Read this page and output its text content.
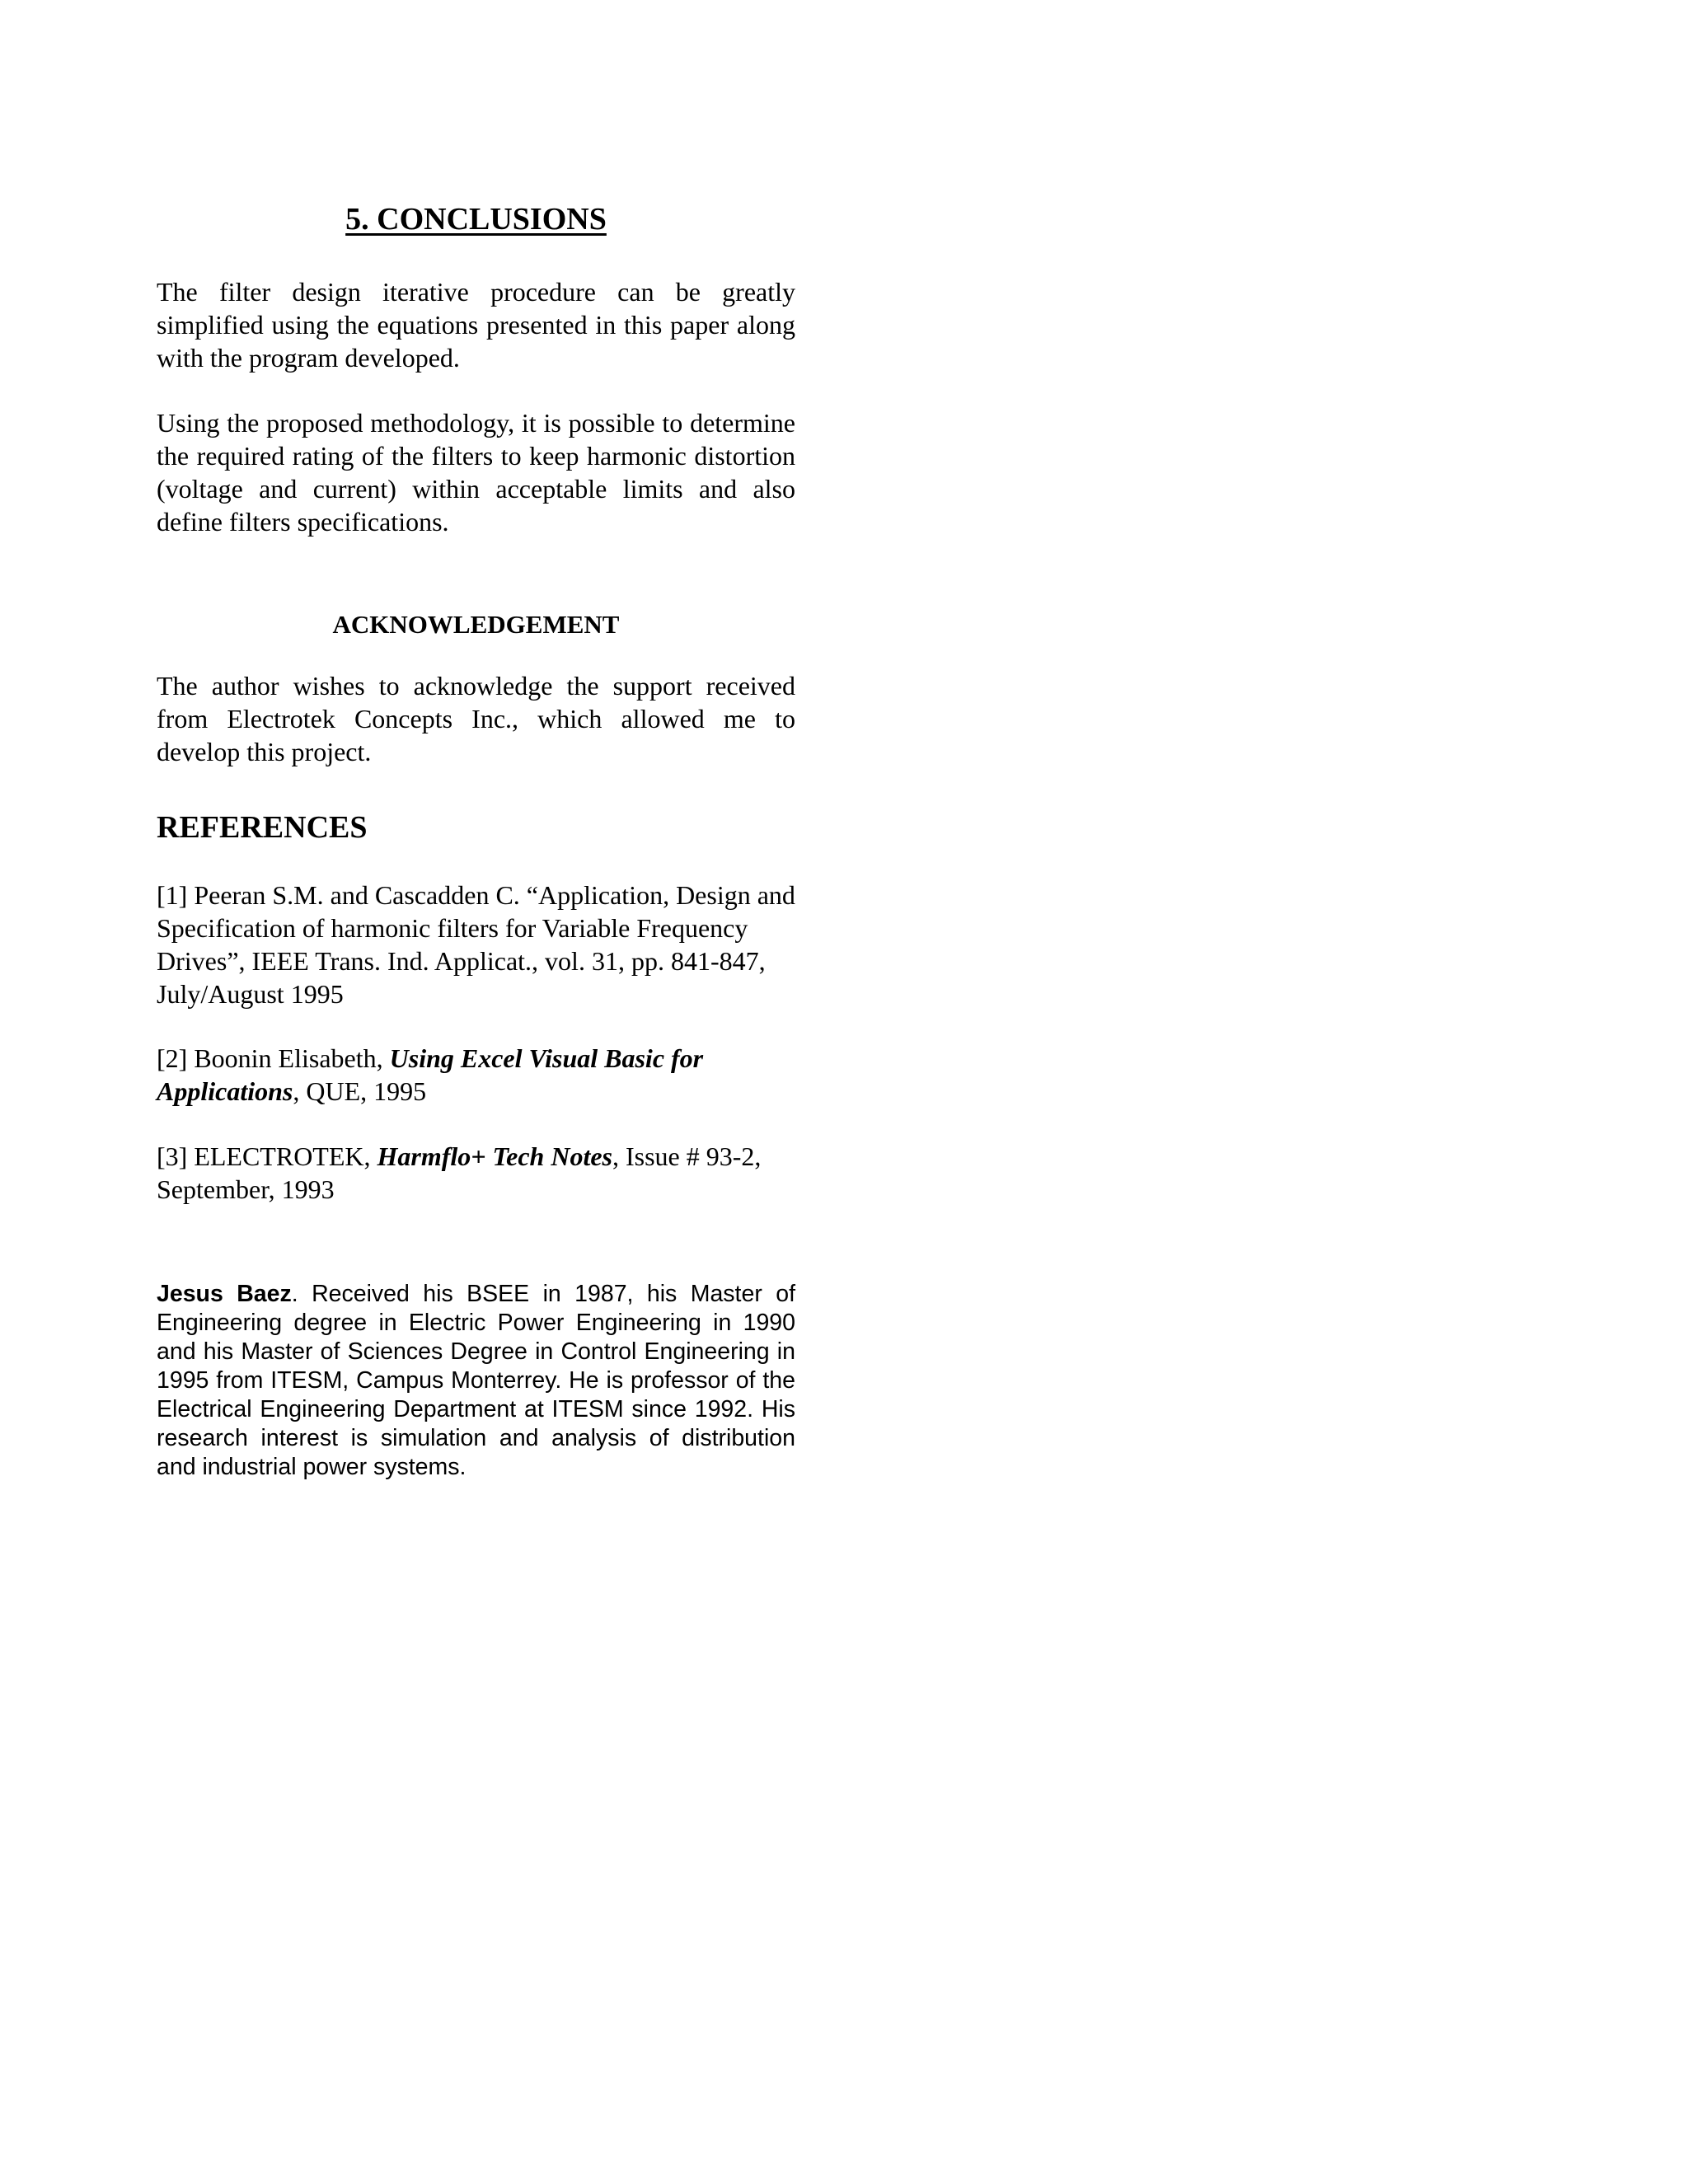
5. CONCLUSIONS

The filter design iterative procedure can be greatly simplified using the equations presented in this paper along with the program developed.

Using the proposed methodology, it is possible to determine the required rating of the filters to keep harmonic distortion (voltage and current) within acceptable limits and also define filters specifications.

ACKNOWLEDGEMENT

The author wishes to acknowledge the support received from Electrotek Concepts Inc., which allowed me to develop this project.

REFERENCES

[1] Peeran S.M. and Cascadden C. “Application, Design and Specification of harmonic filters for Variable Frequency Drives”, IEEE Trans. Ind. Applicat., vol. 31, pp. 841-847, July/August 1995

[2] Boonin Elisabeth, Using Excel Visual Basic for Applications, QUE, 1995

[3] ELECTROTEK, Harmflo+ Tech Notes, Issue # 93-2, September, 1993

Jesus Baez. Received his BSEE in 1987, his Master of Engineering degree in Electric Power Engineering in 1990 and his Master of Sciences Degree in Control Engineering in 1995 from ITESM, Campus Monterrey. He is professor of the Electrical Engineering Department at ITESM since 1992. His research interest is simulation and analysis of distribution and industrial power systems.
